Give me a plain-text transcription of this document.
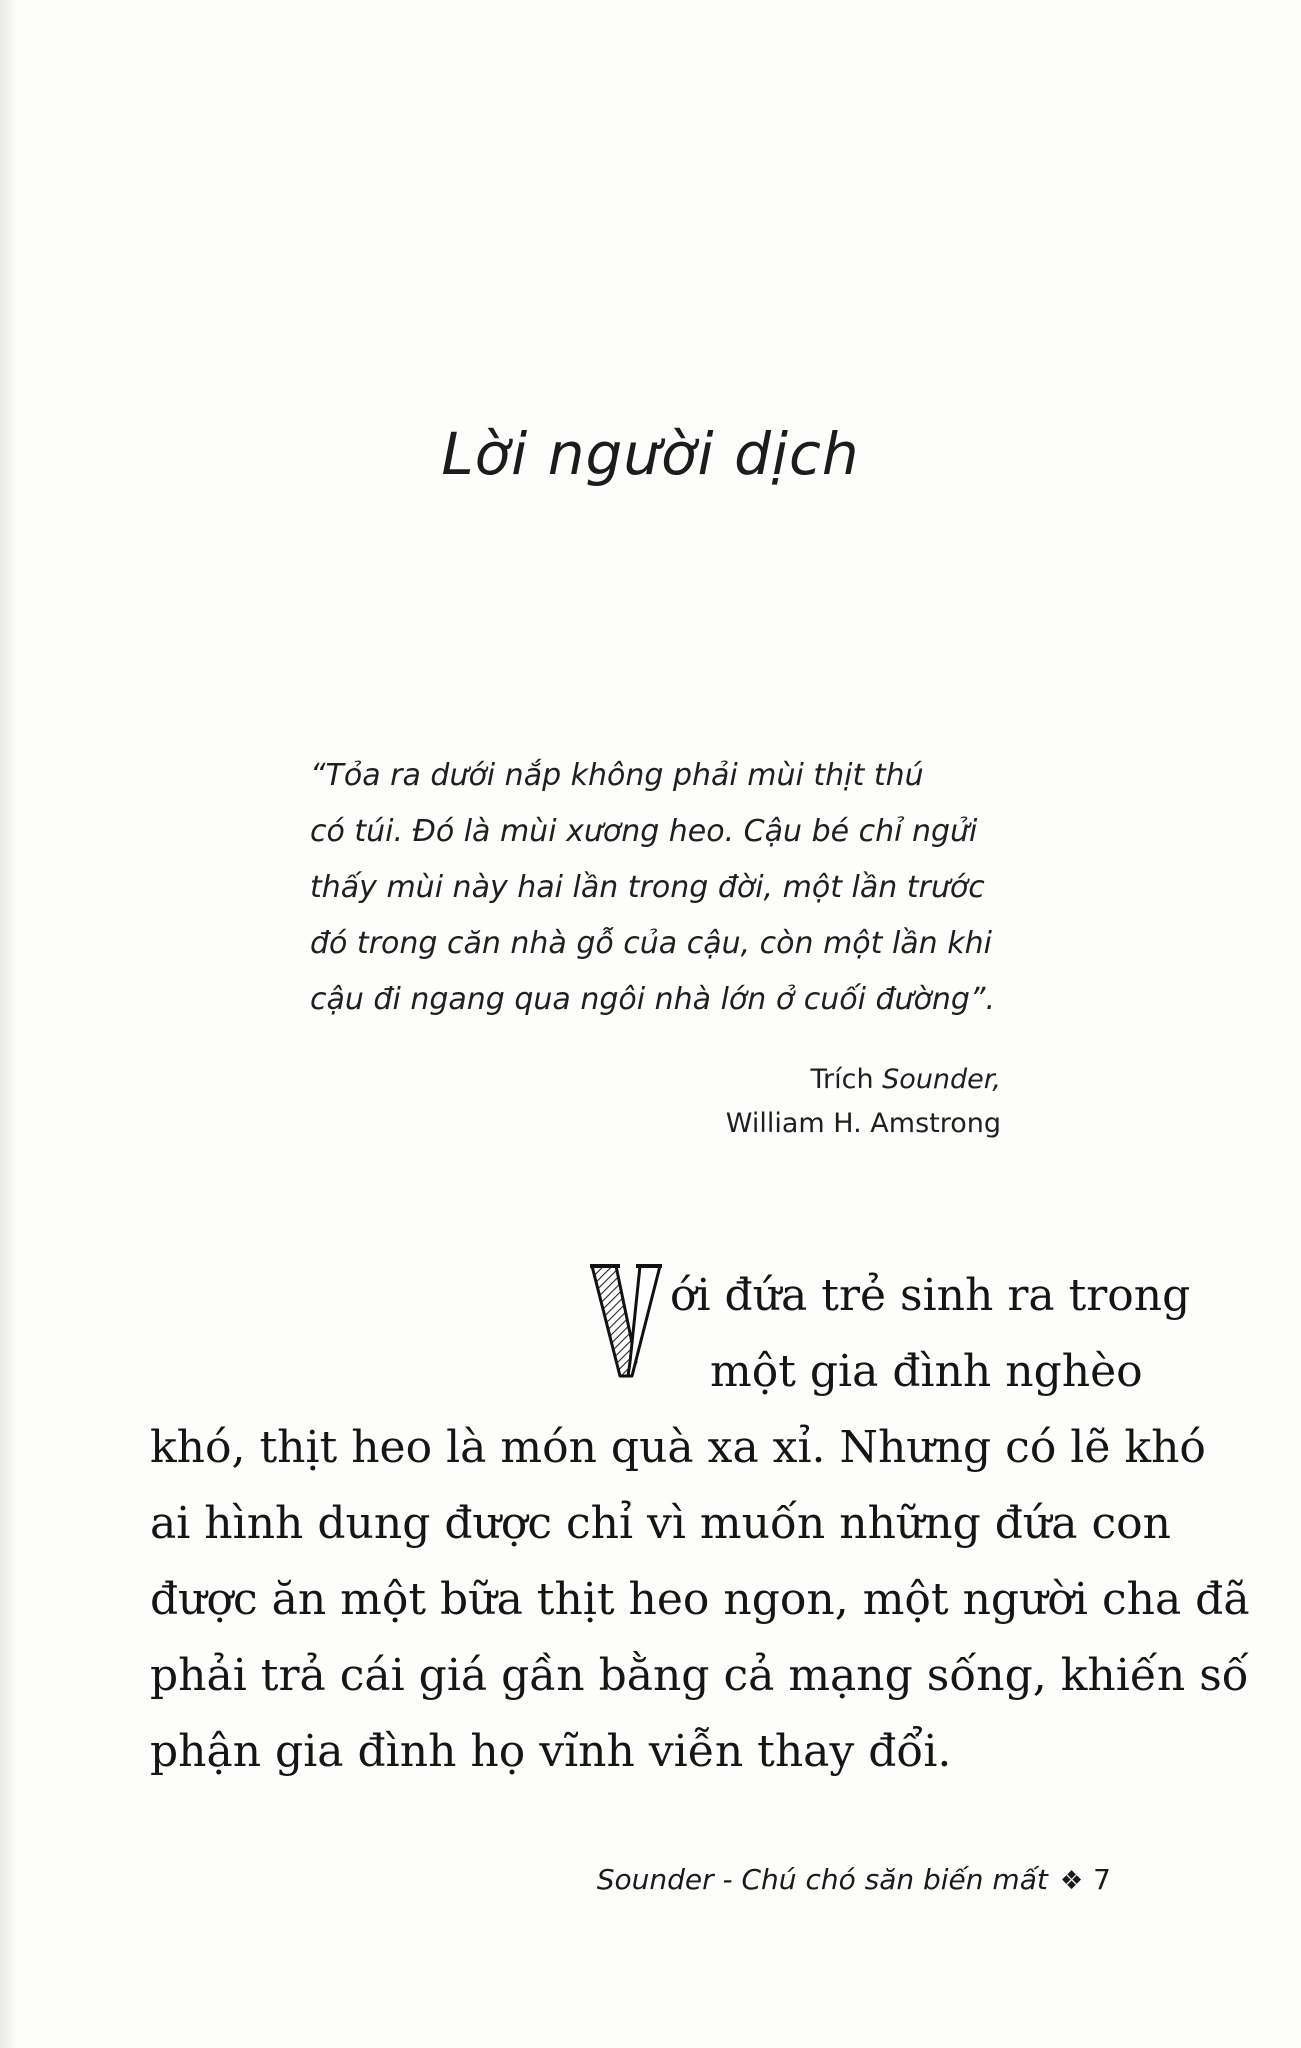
Lời người dịch
“Tỏa ra dưới nắp không phải mùi thịt thú
có túi. Đó là mùi xương heo. Cậu bé chỉ ngửi
thấy mùi này hai lần trong đời, một lần trước
đó trong căn nhà gỗ của cậu, còn một lần khi
cậu đi ngang qua ngôi nhà lớn ở cuối đường”.
Trích Sounder,
William H. Amstrong
ới đứa trẻ sinh ra trong
một gia đình nghèo
khó, thịt heo là món quà xa xỉ. Nhưng có lẽ khó
ai hình dung được chỉ vì muốn những đứa con
được ăn một bữa thịt heo ngon, một người cha đã
phải trả cái giá gần bằng cả mạng sống, khiến số
phận gia đình họ vĩnh viễn thay đổi.
Sounder - Chú chó săn biến mất ❖ 7
